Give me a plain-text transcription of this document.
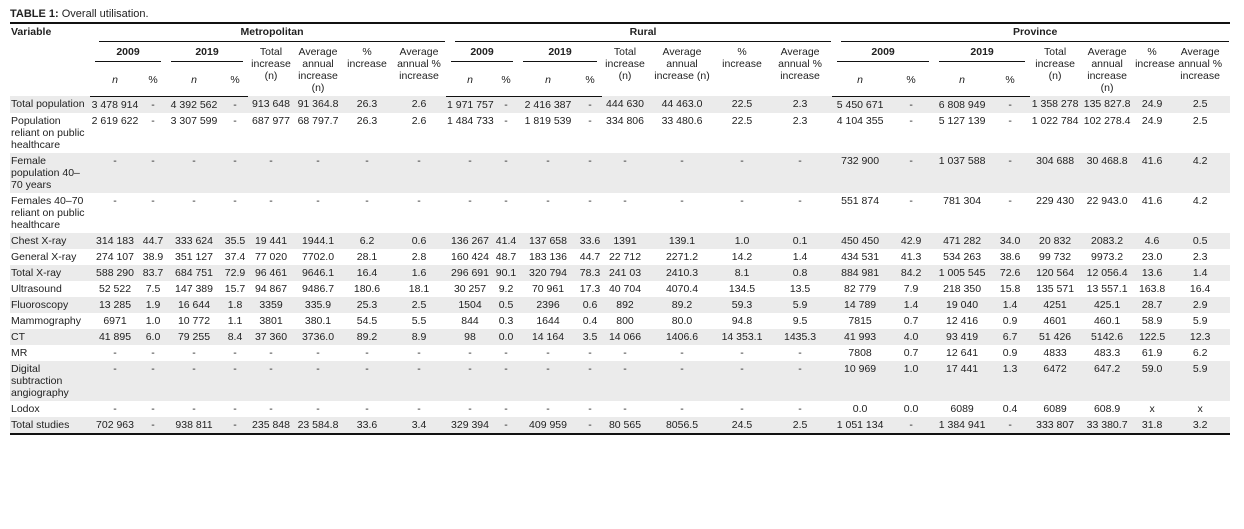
TABLE 1: Overall utilisation.
Variable	Metropolitan								Rural								Province							

	2009		2019		Total increase (n)	Average annual increase (n)	% increase	Average annual % increase	2009		2019		Total increase (n)	Average annual increase (n)	% increase	Average annual % increase	2009		2019		Total increase (n)	Average annual increase (n)	% increase	Average annual % increase
	n	%	n	%					n	%	n	%					n	%	n	%				
Total population	3 478 914	-	4 392 562	-	913 648	91 364.8	26.3	2.6	1 971 757	-	2 416 387	-	444 630	44 463.0	22.5	2.3	5 450 671	-	6 808 949	-	1 358 278	135 827.8	24.9	2.5
Population reliant on public healthcare	2 619 622	-	3 307 599	-	687 977	68 797.7	26.3	2.6	1 484 733	-	1 819 539	-	334 806	33 480.6	22.5	2.3	4 104 355	-	5 127 139	-	1 022 784	102 278.4	24.9	2.5
Female population 40–70 years	-	-	-	-	-	-	-	-	-	-	-	-	-	-	-	-	732 900	-	1 037 588	-	304 688	30 468.8	41.6	4.2
Females 40–70 reliant on public healthcare	-	-	-	-	-	-	-	-	-	-	-	-	-	-	-	-	551 874	-	781 304	-	229 430	22 943.0	41.6	4.2
Chest X-ray	314 183	44.7	333 624	35.5	19 441	1944.1	6.2	0.6	136 267	41.4	137 658	33.6	1391	139.1	1.0	0.1	450 450	42.9	471 282	34.0	20 832	2083.2	4.6	0.5
General X-ray	274 107	38.9	351 127	37.4	77 020	7702.0	28.1	2.8	160 424	48.7	183 136	44.7	22 712	2271.2	14.2	1.4	434 531	41.3	534 263	38.6	99 732	9973.2	23.0	2.3
Total X-ray	588 290	83.7	684 751	72.9	96 461	9646.1	16.4	1.6	296 691	90.1	320 794	78.3	241 03	2410.3	8.1	0.8	884 981	84.2	1 005 545	72.6	120 564	12 056.4	13.6	1.4
Ultrasound	52 522	7.5	147 389	15.7	94 867	9486.7	180.6	18.1	30 257	9.2	70 961	17.3	40 704	4070.4	134.5	13.5	82 779	7.9	218 350	15.8	135 571	13 557.1	163.8	16.4
Fluoroscopy	13 285	1.9	16 644	1.8	3359	335.9	25.3	2.5	1504	0.5	2396	0.6	892	89.2	59.3	5.9	14 789	1.4	19 040	1.4	4251	425.1	28.7	2.9
Mammography	6971	1.0	10 772	1.1	3801	380.1	54.5	5.5	844	0.3	1644	0.4	800	80.0	94.8	9.5	7815	0.7	12 416	0.9	4601	460.1	58.9	5.9
CT	41 895	6.0	79 255	8.4	37 360	3736.0	89.2	8.9	98	0.0	14 164	3.5	14 066	1406.6	14 353.1	1435.3	41 993	4.0	93 419	6.7	51 426	5142.6	122.5	12.3
MR	-	-	-	-	-	-	-	-	-	-	-	-	-	-	-	-	7808	0.7	12 641	0.9	4833	483.3	61.9	6.2
Digital subtraction angiography	-	-	-	-	-	-	-	-	-	-	-	-	-	-	-	-	10 969	1.0	17 441	1.3	6472	647.2	59.0	5.9
Lodox	-	-	-	-	-	-	-	-	-	-	-	-	-	-	-	-	0.0	0.0	6089	0.4	6089	608.9	x	x
Total studies	702 963	-	938 811	-	235 848	23 584.8	33.6	3.4	329 394	-	409 959	-	80 565	8056.5	24.5	2.5	1 051 134	-	1 384 941	-	333 807	33 380.7	31.8	3.2
